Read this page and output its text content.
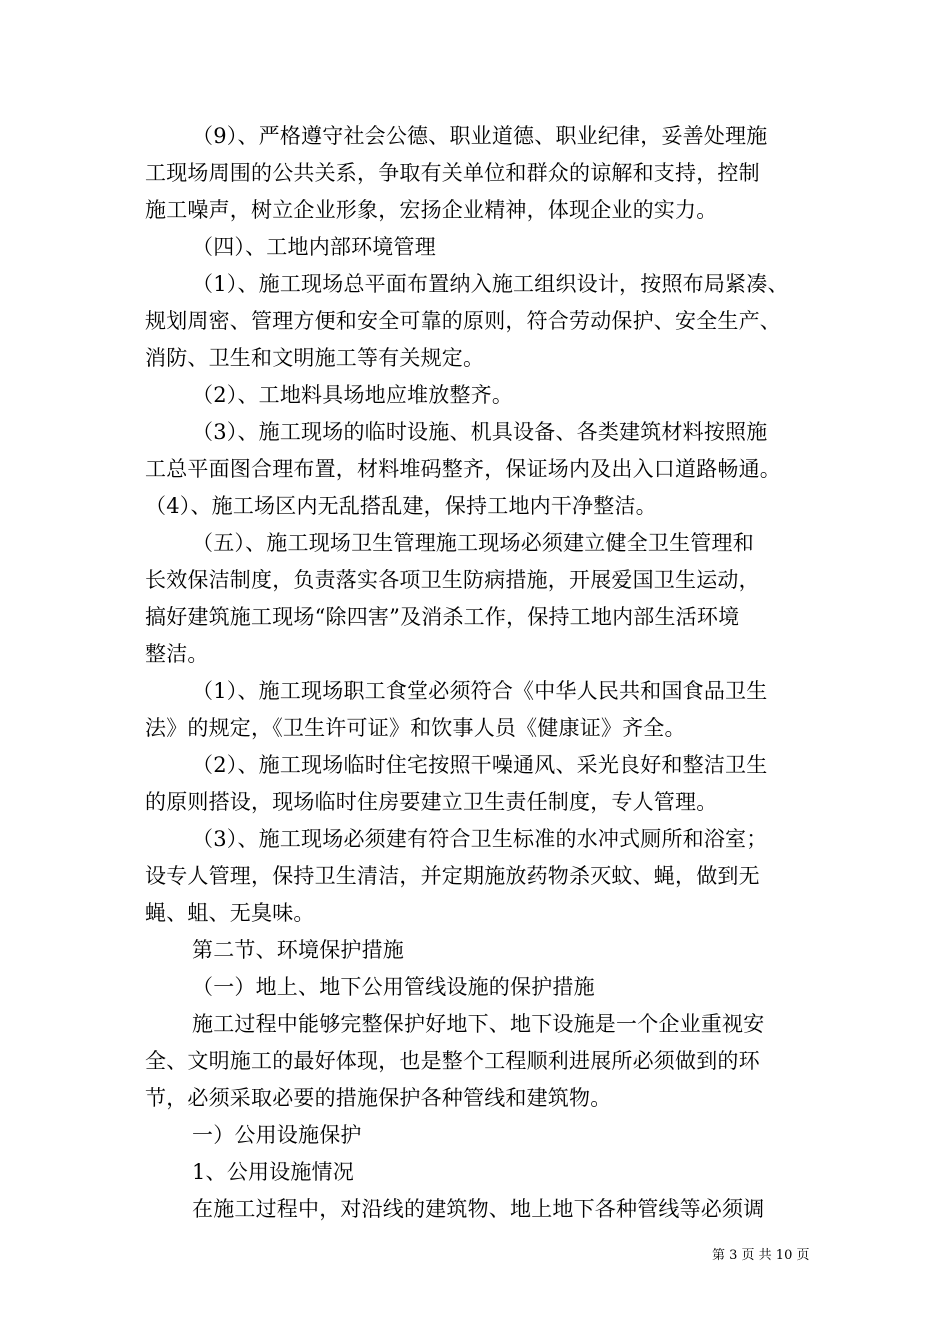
（9）、严格遵守社会公德、职业道德、职业纪律，妥善处理施
工现场周围的公共关系，争取有关单位和群众的谅解和支持，控制
施工噪声，树立企业形象，宏扬企业精神，体现企业的实力。
（四）、工地内部环境管理
（1）、施工现场总平面布置纳入施工组织设计，按照布局紧凑、
规划周密、管理方便和安全可靠的原则，符合劳动保护、安全生产、
消防、卫生和文明施工等有关规定。
（2）、工地料具场地应堆放整齐。
（3）、施工现场的临时设施、机具设备、各类建筑材料按照施
工总平面图合理布置，材料堆码整齐，保证场内及出入口道路畅通。
（4）、施工场区内无乱搭乱建，保持工地内干净整洁。
（五）、施工现场卫生管理施工现场必须建立健全卫生管理和
长效保洁制度，负责落实各项卫生防病措施，开展爱国卫生运动，
搞好建筑施工现场“除四害”及消杀工作，保持工地内部生活环境
整洁。
（1）、施工现场职工食堂必须符合《中华人民共和国食品卫生
法》的规定，《卫生许可证》和饮事人员《健康证》齐全。
（2）、施工现场临时住宅按照干噪通风、采光良好和整洁卫生
的原则搭设，现场临时住房要建立卫生责任制度，专人管理。
（3）、施工现场必须建有符合卫生标准的水冲式厕所和浴室；
设专人管理，保持卫生清洁，并定期施放药物杀灭蚊、蝇，做到无
蝇、蛆、无臭味。
第二节、环境保护措施
（一）地上、地下公用管线设施的保护措施
施工过程中能够完整保护好地下、地下设施是一个企业重视安
全、文明施工的最好体现，也是整个工程顺利进展所必须做到的环
节，必须采取必要的措施保护各种管线和建筑物。
一）公用设施保护
1、公用设施情况
在施工过程中，对沿线的建筑物、地上地下各种管线等必须调
第 3 页 共 10 页
